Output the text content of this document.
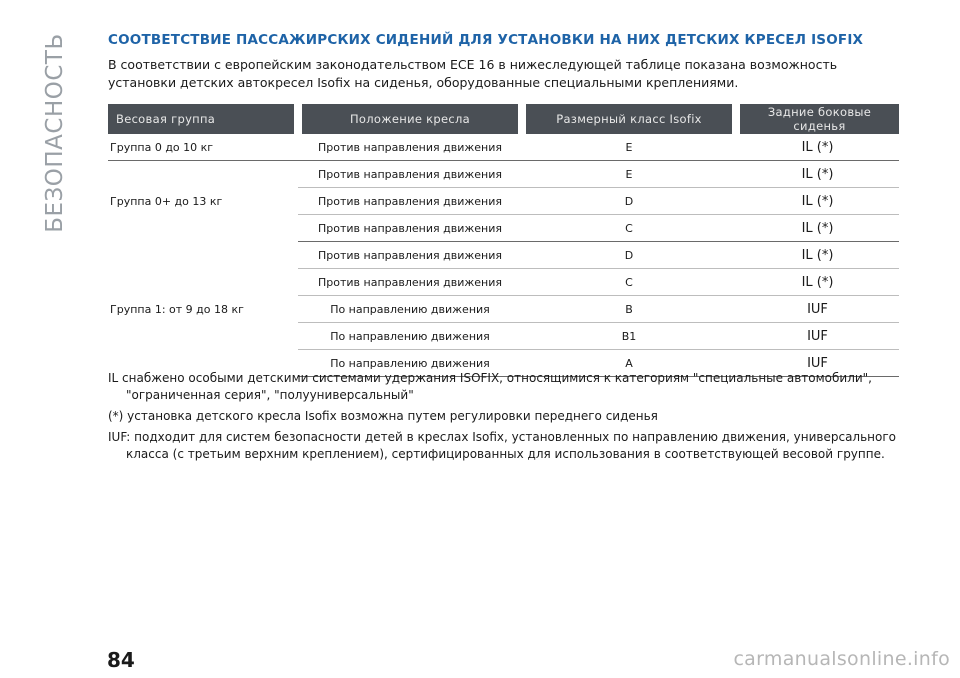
БЕЗОПАСНОСТЬ	СООТВЕТСТВИЕ ПАССАЖИРСКИХ СИДЕНИЙ ДЛЯ УСТАНОВКИ НА НИХ ДЕТСКИХ КРЕСЕЛ ISOFIX
В соответствии с европейским законодательством ЕСЕ 16 в нижеследующей таблице показана возможность установки детских автокресел Isofix на сиденья, оборудованные специальными креплениями.
Весовая группа	Положение кресла	Размерный класс Isofix	Задние боковые сиденья
Группа 0 до 10 кг	Против направления движения	E	IL (*)
Группа 0+ до 13 кг	Против направления движения	E	IL (*)
	Против направления движения	D	IL (*)
	Против направления движения	C	IL (*)
Группа 1: от 9 до 18 кг	Против направления движения	D	IL (*)
	Против направления движения	C	IL (*)
	По направлению движения	B	IUF
	По направлению движения	B1	IUF
	По направлению движения	A	IUF

IL снабжено особыми детскими системами удержания ISOFIX, относящимися к категориям "специальные автомобили", "ограниченная серия", "полууниверсальный"

(*) установка детского кресла Isofix возможна путем регулировки переднего сиденья

IUF: подходит для систем безопасности детей в креслах Isofix, установленных по направлению движения, универсального класса (с третьим верхним креплением), сертифицированных для использования в соответствующей весовой группе.

84	carmanualsonline.info
